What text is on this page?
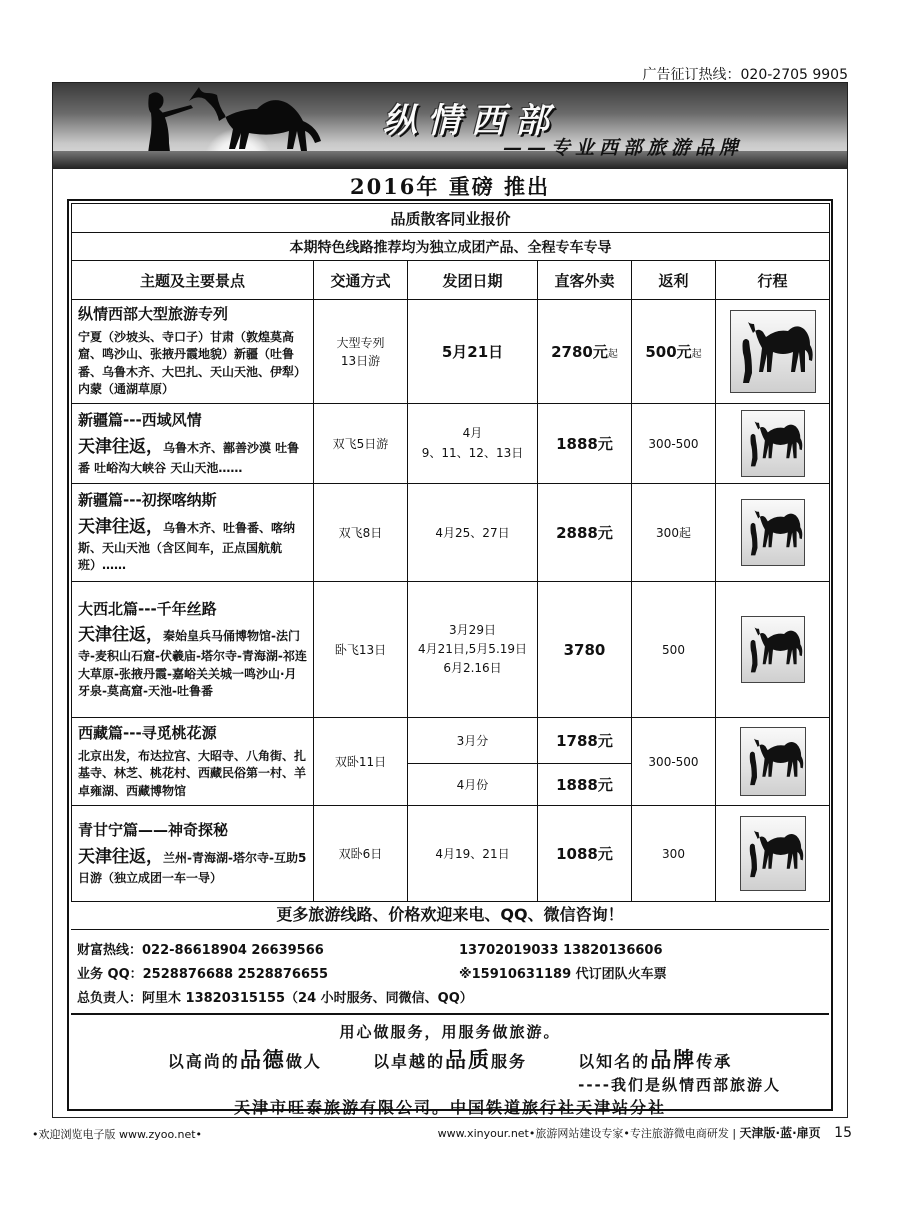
广告征订热线：020-2705 9905
纵情西部
——专业西部旅游品牌
2016年 重磅 推出
品质散客同业报价					
本期特色线路推荐均为独立成团产品、全程专车专导					
主题及主要景点	交通方式	发团日期	直客外卖	返利	行程

纵情西部大型旅游专列
宁夏（沙坡头、寺口子）甘肃（敦煌莫高窟、鸣沙山、张掖丹霞地貌）新疆（吐鲁番、乌鲁木齐、大巴扎、天山天池、伊犁）内蒙（通湖草原）	大型专列
13日游	5月21日	2780元起	500元起	

新疆篇---西域风情
天津往返，乌鲁木齐、鄯善沙漠 吐鲁番 吐峪沟大峡谷 天山天池……	双飞5日游	4月
9、11、12、13日	1888元	300-500	

新疆篇---初探喀纳斯
天津往返，乌鲁木齐、吐鲁番、喀纳斯、天山天池（含区间车，正点国航航班）……	双飞8日	4月25、27日	2888元	300起	

大西北篇---千年丝路
天津往返，秦始皇兵马俑博物馆-法门寺-麦积山石窟-伏羲庙-塔尔寺-青海湖-祁连大草原-张掖丹霞-嘉峪关关城一鸣沙山·月牙泉-莫高窟-天池-吐鲁番	卧飞13日	3月29日
4月21日,5月5.19日
6月2.16日	3780	500	

西藏篇---寻觅桃花源
北京出发，布达拉宫、大昭寺、八角街、扎基寺、林芝、桃花村、西藏民俗第一村、羊卓雍湖、西藏博物馆	双卧11日	3月分	1788元	300-500	
		4月份	1888元		

青甘宁篇——神奇探秘
天津往返，兰州-青海湖-塔尔寺-互助5日游（独立成团一车一导）	双卧6日	4月19、21日	1088元	300	
更多旅游线路、价格欢迎来电、QQ、微信咨询！
财富热线：022-86618904 26639566	13702019033 13820136606
业务 QQ：2528876688 2528876655	※15910631189 代订团队火车票
总负责人：阿里木 13820315155（24 小时服务、同微信、QQ）
用心做服务，用服务做旅游。
以高尚的品德做人	以卓越的品质服务	以知名的品牌传承
----我们是纵情西部旅游人
天津市旺泰旅游有限公司。中国铁道旅行社天津站分社
•欢迎浏览电子版 www.zyoo.net•	www.xinyour.net•旅游网站建设专家•专注旅游微电商研发 | 天津版·蓝·扉页 15
